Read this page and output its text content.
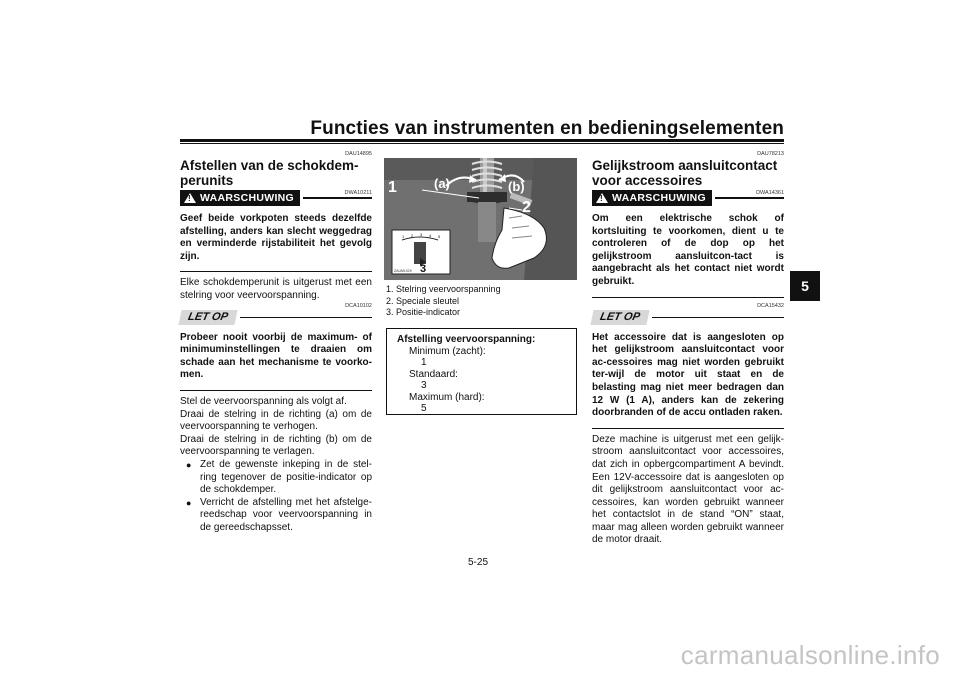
Functies van instrumenten en bedieningselementen
5
DAU14895
Afstellen van de schokdem-perunits
DWA10211
!
WAARSCHUWING

Geef beide vorkpoten steeds dezelfde afstelling, anders kan slecht weggedrag en verminderde rijstabiliteit het gevolg zijn.

Elke schokdemperunit is uitgerust met een stelring voor veervoorspanning.

DCA10102
LET OP

Probeer nooit voorbij de maximum- of minimuminstellingen te draaien om schade aan het mechanisme te voorko-men.

Stel de veervoorspanning als volgt af.

Draai de stelring in de richting (a) om de veervoorspanning te verhogen.

Draai de stelring in de richting (b) om de veervoorspanning te verlagen.

● Zet de gewenste inkeping in de stel-ring tegenover de positie-indicator op de schokdemper.
● Verricht de afstelling met het afstelge-reedschap voor veervoorspanning in de gereedschapsset.
1	(a)	(b)
2
3
1 2 3 4 5
ZAUM1029
1. Stelring veervoorspanning
2. Speciale sleutel
3. Positie-indicator
Afstelling veervoorspanning:
Minimum (zacht):
1
Standaard:
3
Maximum (hard):
5
DAU78213
Gelijkstroom aansluitcontact voor accessoires
DWA14361
!
WAARSCHUWING

Om een elektrische schok of kortsluiting te voorkomen, dient u te controleren of de dop op het gelijkstroom aansluitcon-tact is aangebracht als het contact niet wordt gebruikt.

DCA15432
LET OP

Het accessoire dat is aangesloten op het gelijkstroom aansluitcontact voor ac-cessoires mag niet worden gebruikt ter-wijl de motor uit staat en de belasting mag niet meer bedragen dan 12 W (1 A), anders kan de zekering doorbranden of de accu ontladen raken.

Deze machine is uitgerust met een gelijk-stroom aansluitcontact voor accessoires, dat zich in opbergcompartiment A bevindt. Een 12V-accessoire dat is aangesloten op dit gelijkstroom aansluitcontact voor ac-cessoires, kan worden gebruikt wanneer het contactslot in de stand “ON” staat, maar mag alleen worden gebruikt wanneer de motor draait.

5-25
carmanualsonline.info
